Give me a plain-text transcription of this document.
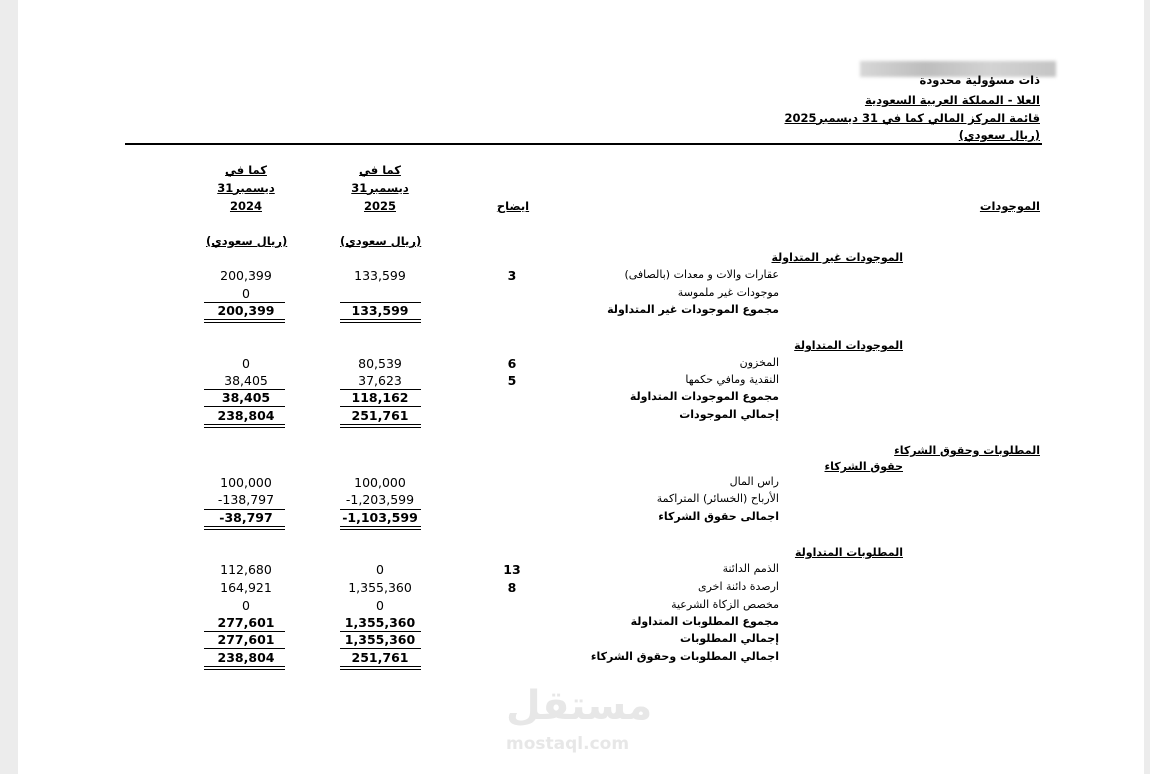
ذات مسؤولية محدودة
العلا - المملكة العربية السعودية
قائمة المركز المالي كما في 31 ديسمبر2025
(ريال سعودي)
كما في
31ديسمبر
2025
(ريال سعودي)
كما في
31ديسمبر
2024
(ريال سعودي)
ايضاح	الموجودات
الموجودات غير المتداولة
الموجودات المتداولة
المطلوبات وحقوق الشركاء
حقوق الشركاء
المطلوبات المتداولة
عقارات والات و معدات (بالصافى)
3
133,599
200,399
موجودات غير ملموسة
0
مجموع الموجودات غير المتداولة
133,599
200,399
المخزون
6
80,539
0
النقدية ومافي حكمها
5
37,623
38,405
مجموع الموجودات المتداولة
118,162
38,405
إجمالي الموجودات
251,761
238,804
راس المال
100,000
100,000
الأرباح (الخسائر) المتراكمة
-1,203,599
-138,797
اجمالى حقوق الشركاء
-1,103,599
-38,797
الذمم الدائنة
13
0
112,680
ارصدة دائنة اخرى
8
1,355,360
164,921
مخصص الزكاة الشرعية
0
0
مجموع المطلوبات المتداولة
1,355,360
277,601
إجمالي المطلوبات
1,355,360
277,601
اجمالي المطلوبات وحقوق الشركاء
251,761
238,804
مستقل
mostaql.com
